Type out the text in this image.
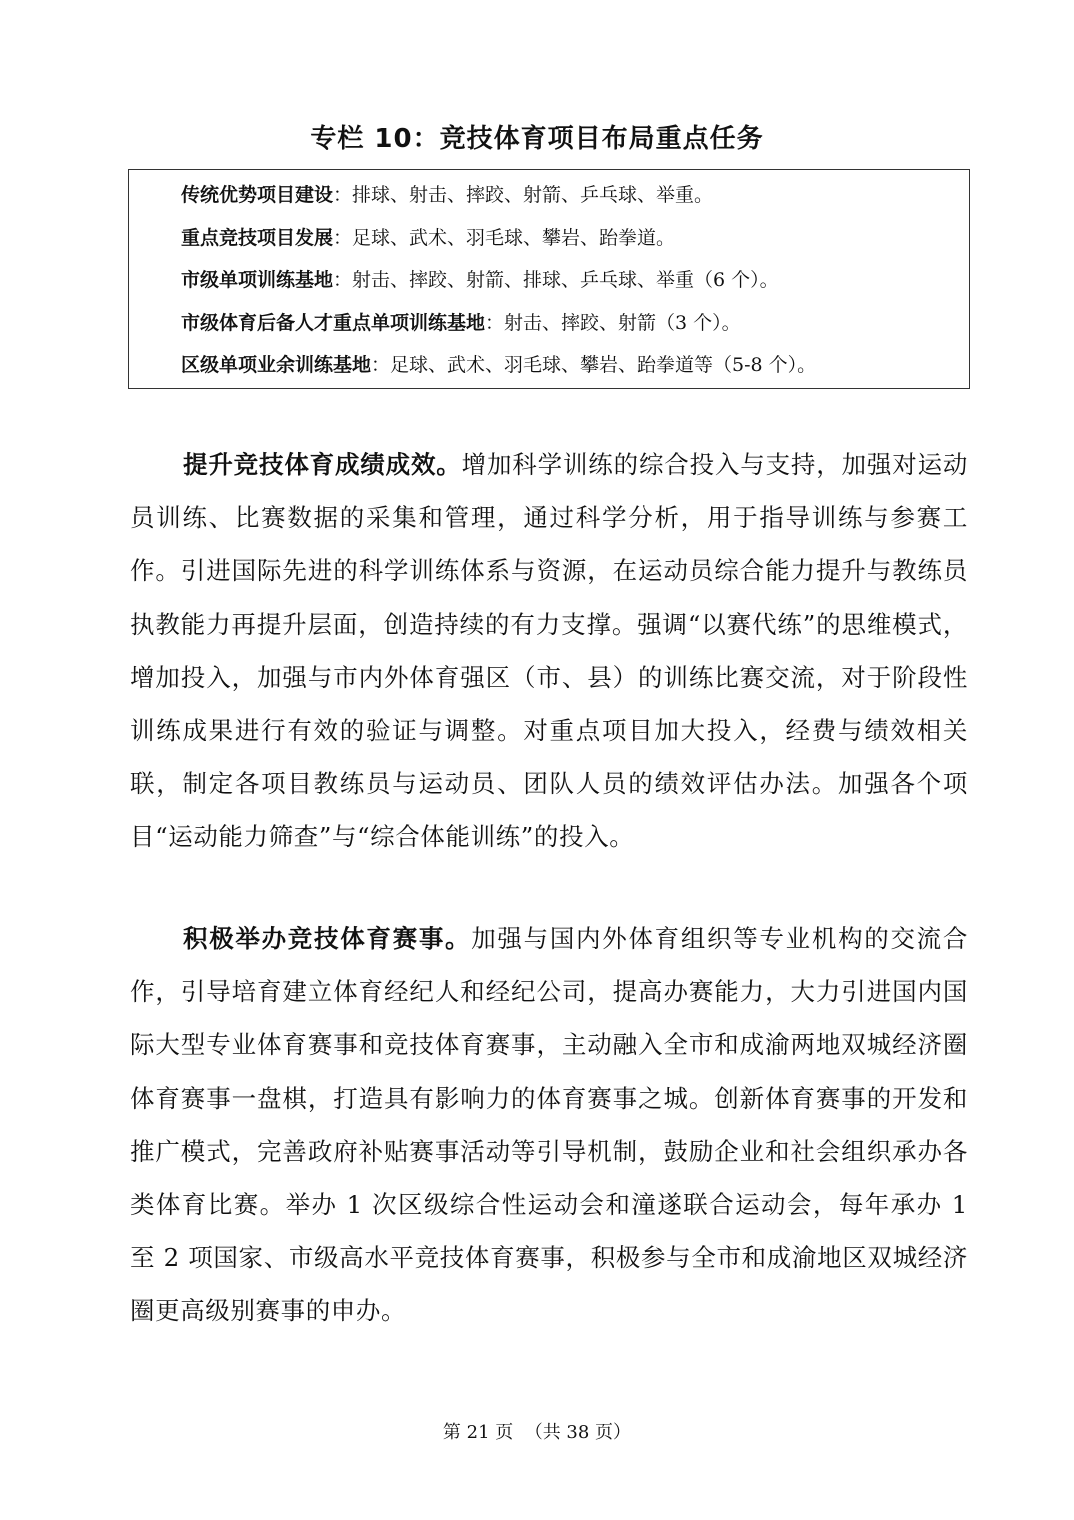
专栏 10：竞技体育项目布局重点任务
传统优势项目建设：排球、射击、摔跤、射箭、乒乓球、举重。
重点竞技项目发展：足球、武术、羽毛球、攀岩、跆拳道。
市级单项训练基地：射击、摔跤、射箭、排球、乒乓球、举重（6 个）。
市级体育后备人才重点单项训练基地：射击、摔跤、射箭（3 个）。
区级单项业余训练基地：足球、武术、羽毛球、攀岩、跆拳道等（5-8 个）。

提升竞技体育成绩成效。增加科学训练的综合投入与支持，加强对运动员训练、比赛数据的采集和管理，通过科学分析，用于指导训练与参赛工作。引进国际先进的科学训练体系与资源，在运动员综合能力提升与教练员执教能力再提升层面，创造持续的有力支撑。强调“以赛代练”的思维模式，增加投入，加强与市内外体育强区（市、县）的训练比赛交流，对于阶段性训练成果进行有效的验证与调整。对重点项目加大投入，经费与绩效相关联，制定各项目教练员与运动员、团队人员的绩效评估办法。加强各个项目“运动能力筛查”与“综合体能训练”的投入。

积极举办竞技体育赛事。加强与国内外体育组织等专业机构的交流合作，引导培育建立体育经纪人和经纪公司，提高办赛能力，大力引进国内国际大型专业体育赛事和竞技体育赛事，主动融入全市和成渝两地双城经济圈体育赛事一盘棋，打造具有影响力的体育赛事之城。创新体育赛事的开发和推广模式，完善政府补贴赛事活动等引导机制，鼓励企业和社会组织承办各类体育比赛。举办 1 次区级综合性运动会和潼遂联合运动会，每年承办 1 至 2 项国家、市级高水平竞技体育赛事，积极参与全市和成渝地区双城经济圈更高级别赛事的申办。

第 21 页  （共 38 页）
